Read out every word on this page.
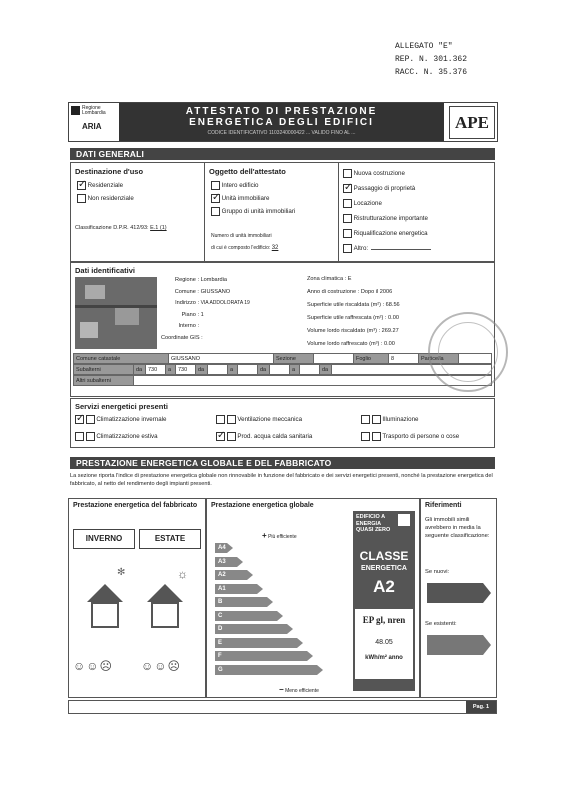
ALLEGATO "E"
REP. N. 301.362
RACC. N. 35.376
Regione Lombardia
ARIA
ATTESTATO DI PRESTAZIONE
ENERGETICA DEGLI EDIFICI
CODICE IDENTIFICATIVO 1103240000422 ... VALIDO FINO AL ...
APE
DATI GENERALI
Destinazione d'uso
✓ Residenziale
Non residenziale
Classificazione D.P.R. 412/93: E.1 (1)
Oggetto dell'attestato
Intero edificio
✓ Unità immobiliare
Gruppo di unità immobiliari
Numero di unità immobiliari
di cui è composto l'edificio: 32
Nuova costruzione
✓ Passaggio di proprietà
Locazione
Ristrutturazione importante
Riqualificazione energetica
Altro:
Dati identificativi
Regione : Lombardia
Comune : GIUSSANO
Indirizzo : VIA ADDOLORATA 19
Piano : 1
Interno :
Coordinate GIS :
Zona climatica : E
Anno di costruzione : Dopo il 2006
Superficie utile riscaldata (m²) : 68.56
Superficie utile raffrescata (m²) : 0.00
Volume lordo riscaldato (m³) : 269.27
Volume lordo raffrescato (m³) : 0.00
Comune catastale	GIUSSANO	Sezione		Foglio	8	Particella	
Subalterni	da	730	a	730	da		a		da		a		da	
Altri subalterni	
Servizi energetici presenti
✓  Climatizzazione invernale	Ventilazione meccanica	Illuminazione
Climatizzazione estiva
✓	Prod. acqua calda sanitaria	Trasporto di persone o cose
PRESTAZIONE ENERGETICA GLOBALE E DEL FABBRICATO
La sezione riporta l'indice di prestazione energetica globale non rinnovabile in funzione del fabbricato e dei servizi energetici presenti, nonché la prestazione energetica del fabbricato, al netto del rendimento degli impianti presenti.
Prestazione energetica del fabbricato
INVERNO	ESTATE
✻	☼
☺☺☹ ☺☺☹
Prestazione energetica globale
+ Più efficiente
A4
A3
A2
A1
B
C
D
E
F
G
− Meno efficiente
EDIFICIO A ENERGIA QUASI ZERO
CLASSE
ENERGETICA
A2
EP gl, nren
48.05
kWh/m² anno
Riferimenti
Gli immobili simili avrebbero in media la seguente classificazione:
Se nuovi:
Se esistenti:
Pag. 1
